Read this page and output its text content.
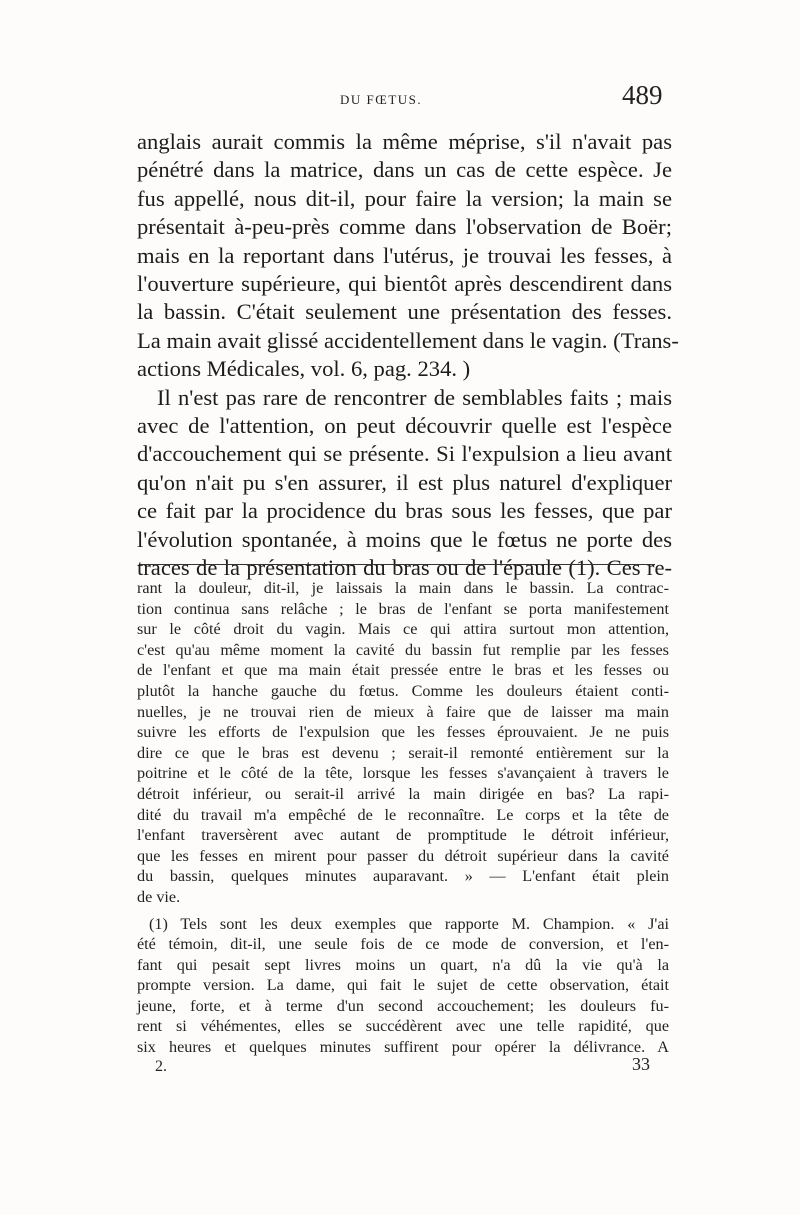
DU FŒTUS.	489
anglais aurait commis la même méprise, s'il n'avait pas
pénétré dans la matrice, dans un cas de cette espèce. Je
fus appellé, nous dit-il, pour faire la version; la main se
présentait à-peu-près comme dans l'observation de Boër;
mais en la reportant dans l'utérus, je trouvai les fesses, à
l'ouverture supérieure, qui bientôt après descendirent dans
la bassin. C'était seulement une présentation des fesses.
La main avait glissé accidentellement dans le vagin. (Trans-
actions Médicales, vol. 6, pag. 234. )
Il n'est pas rare de rencontrer de semblables faits ; mais
avec de l'attention, on peut découvrir quelle est l'espèce
d'accouchement qui se présente. Si l'expulsion a lieu avant
qu'on n'ait pu s'en assurer, il est plus naturel d'expliquer
ce fait par la procidence du bras sous les fesses, que par
l'évolution spontanée, à moins que le fœtus ne porte des
traces de la présentation du bras ou de l'épaule (1). Ces re-
rant la douleur, dit-il, je laissais la main dans le bassin. La contrac-
tion continua sans relâche ; le bras de l'enfant se porta manifestement
sur le côté droit du vagin. Mais ce qui attira surtout mon attention,
c'est qu'au même moment la cavité du bassin fut remplie par les fesses
de l'enfant et que ma main était pressée entre le bras et les fesses ou
plutôt la hanche gauche du fœtus. Comme les douleurs étaient conti-
nuelles, je ne trouvai rien de mieux à faire que de laisser ma main
suivre les efforts de l'expulsion que les fesses éprouvaient. Je ne puis
dire ce que le bras est devenu ; serait-il remonté entièrement sur la
poitrine et le côté de la tête, lorsque les fesses s'avançaient à travers le
détroit inférieur, ou serait-il arrivé la main dirigée en bas? La rapi-
dité du travail m'a empêché de le reconnaître. Le corps et la tête de
l'enfant traversèrent avec autant de promptitude le détroit inférieur,
que les fesses en mirent pour passer du détroit supérieur dans la cavité
du bassin, quelques minutes auparavant. » — L'enfant était plein
de vie.
(1) Tels sont les deux exemples que rapporte M. Champion. « J'ai
été témoin, dit-il, une seule fois de ce mode de conversion, et l'en-
fant qui pesait sept livres moins un quart, n'a dû la vie qu'à la
prompte version. La dame, qui fait le sujet de cette observation, était
jeune, forte, et à terme d'un second accouchement; les douleurs fu-
rent si véhémentes, elles se succédèrent avec une telle rapidité, que
six heures et quelques minutes suffirent pour opérer la délivrance. A
2.	33
